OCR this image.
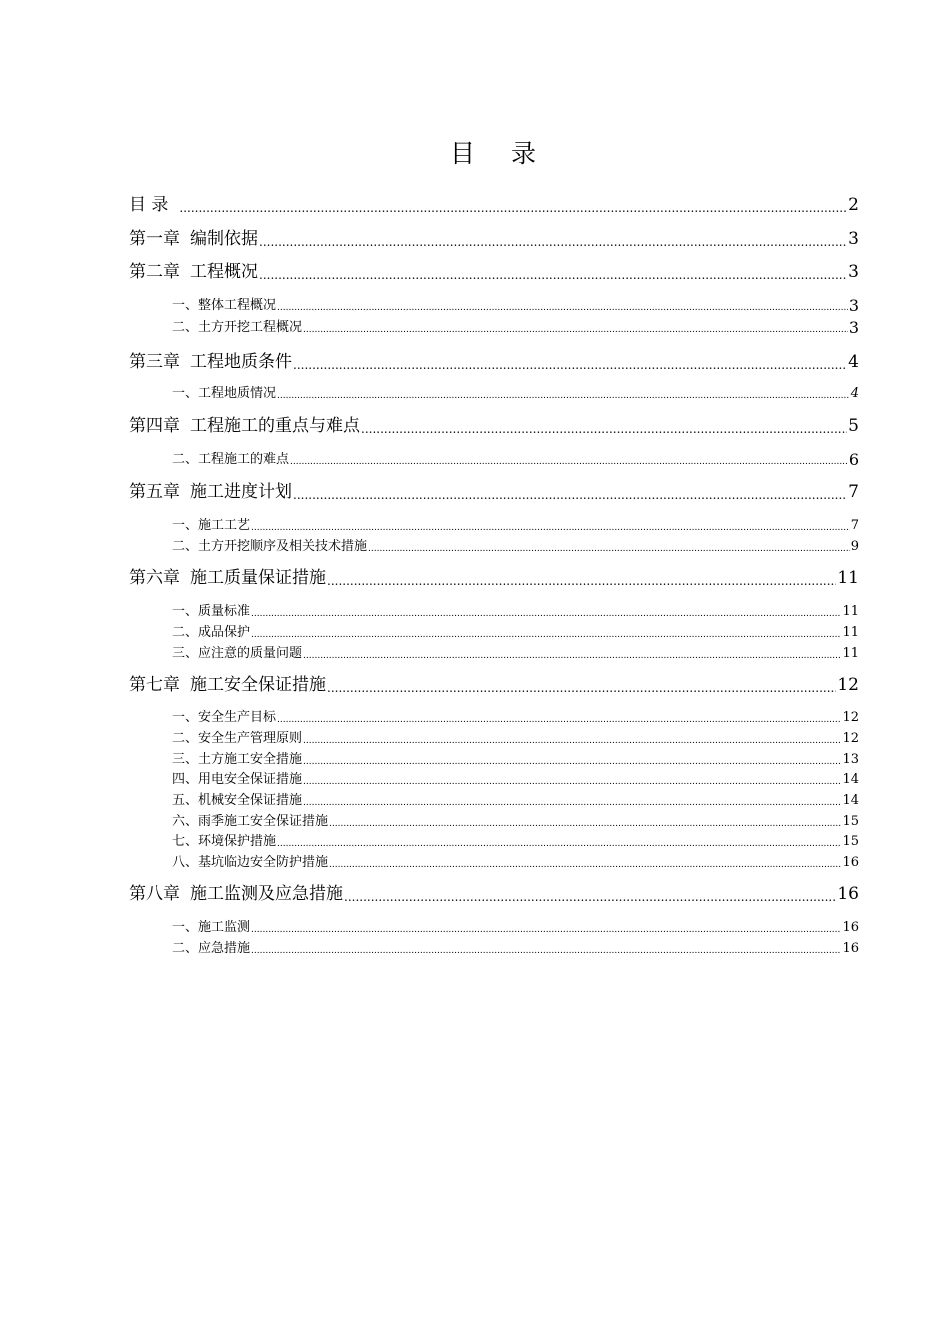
目 录
目 录 .....	2
第一章 编制依据 .....	3
第二章 工程概况 .....	3
一、 整体工程概况 .....	3
二、 土方开挖工程概况 .....	3
第三章 工程地质条件 .....	4
一、 工程地质情况 .....	4
第四章 工程施工的重点与难点 .....	5
二、 工程施工的难点 .....	6
第五章 施工进度计划 .....	7
一、 施工工艺 .....	7
二、 土方开挖顺序及相关技术措施 .....	9
第六章 施工质量保证措施 .....	11
一、 质量标准 .....	11
二、 成品保护 .....	11
三、 应注意的质量问题 .....	11
第七章 施工安全保证措施 .....	12
一、 安全生产目标 .....	12
二、 安全生产管理原则 .....	12
三、 土方施工安全措施 .....	13
四、 用电安全保证措施 .....	14
五、 机械安全保证措施 .....	14
六、 雨季施工安全保证措施 .....	15
七、 环境保护措施 .....	15
八、 基坑临边安全防护措施 .....	16
第八章 施工监测及应急措施 .....	16
一、 施工监测 .....	16
二、 应急措施 .....	16
